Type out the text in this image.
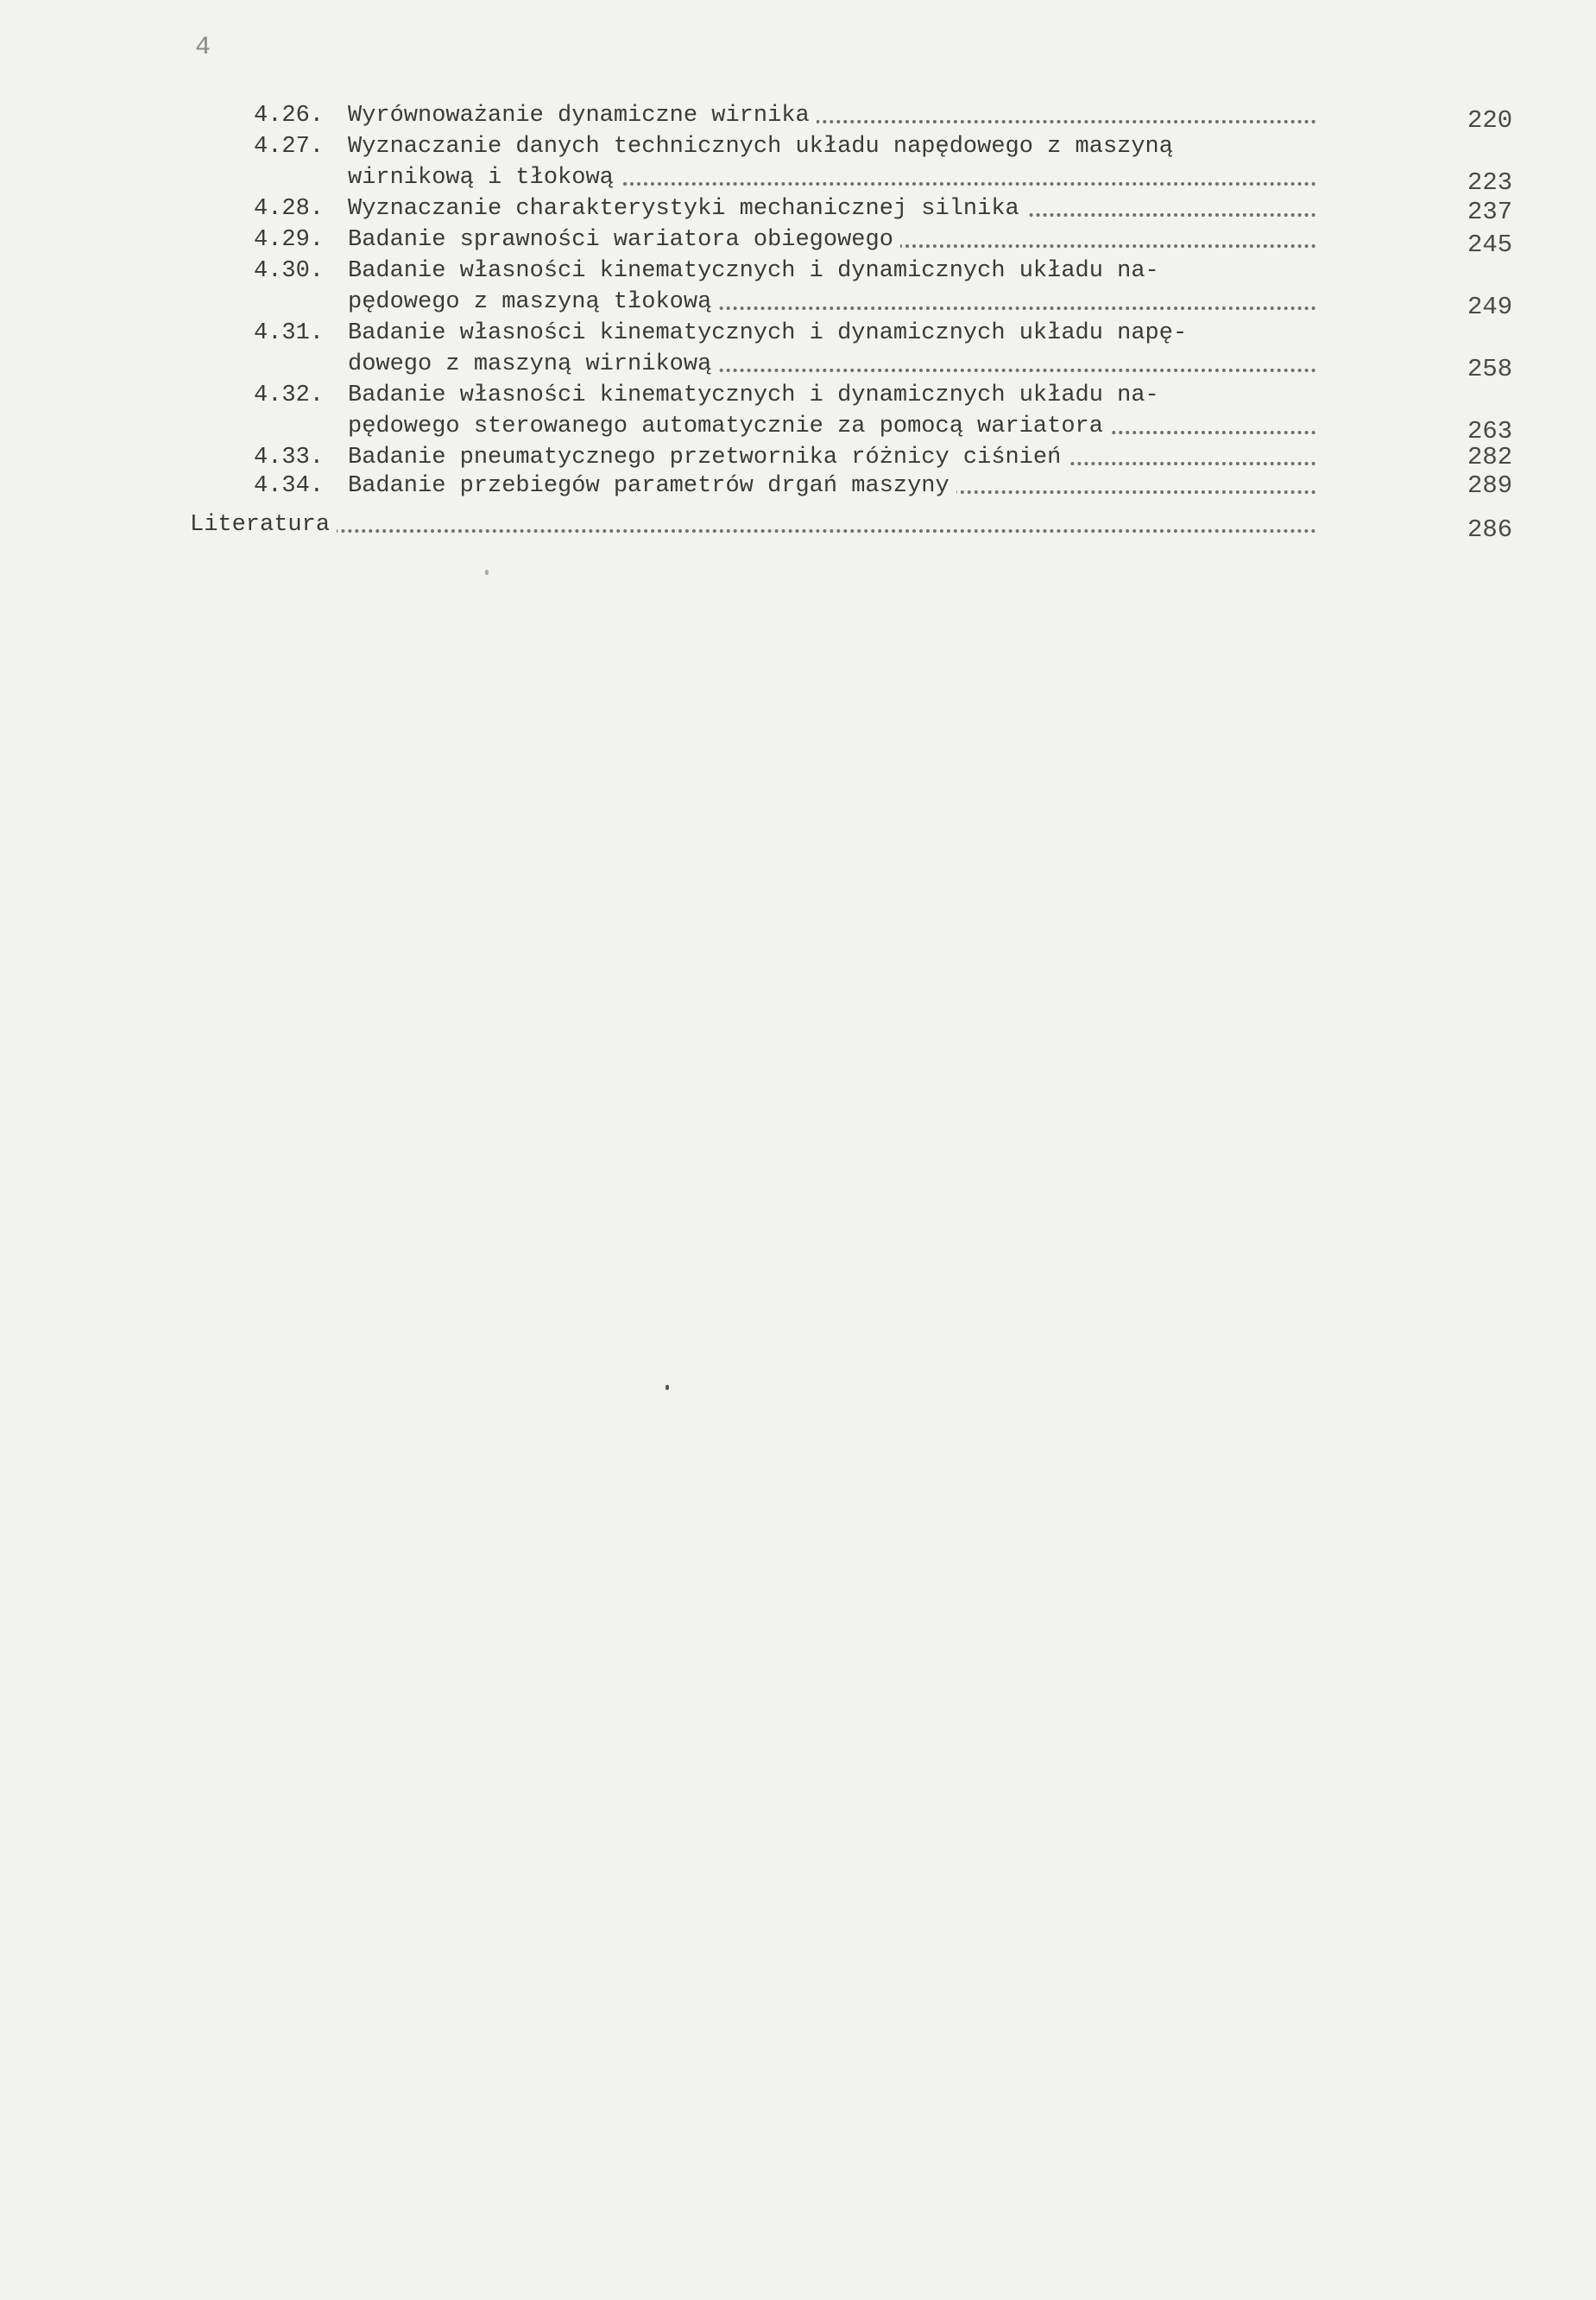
4
4.26. Wyrównoważanie dynamiczne wirnika	220
4.27. Wyznaczanie danych technicznych układu napędowego z maszyną
wirnikową i tłokową	223
4.28. Wyznaczanie charakterystyki mechanicznej silnika	237
4.29. Badanie sprawności wariatora obiegowego	245
4.30. Badanie własności kinematycznych i dynamicznych układu na-
pędowego z maszyną tłokową	249
4.31. Badanie własności kinematycznych i dynamicznych układu napę-
dowego z maszyną wirnikową	258
4.32. Badanie własności kinematycznych i dynamicznych układu na-
pędowego sterowanego automatycznie za pomocą wariatora	263
4.33. Badanie pneumatycznego przetwornika różnicy ciśnień	282
4.34. Badanie przebiegów parametrów drgań maszyny	289
Literatura	286
